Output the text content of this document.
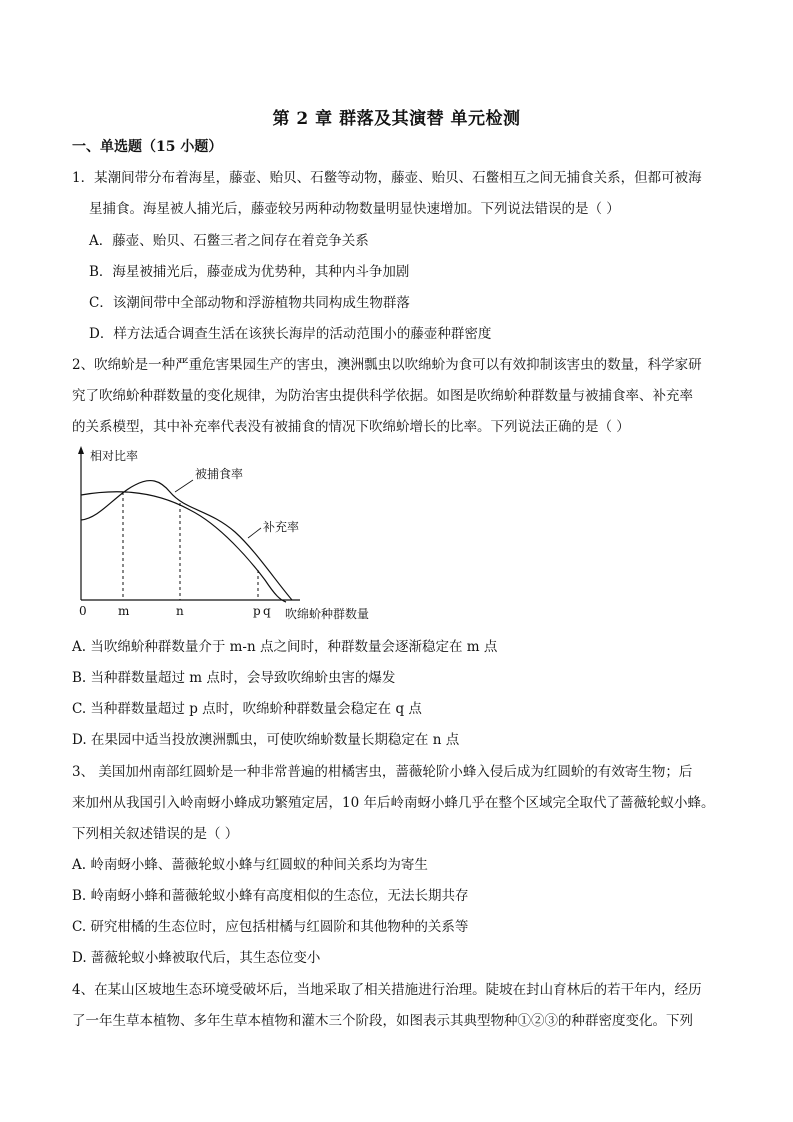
第 2 章 群落及其演替 单元检测
一、单选题（15 小题）
1．某潮间带分布着海星，藤壶、贻贝、石鳖等动物，藤壶、贻贝、石鳖相互之间无捕食关系，但都可被海
星捕食。海星被人捕光后，藤壶较另两种动物数量明显快速增加。下列说法错误的是（ ）
A．藤壶、贻贝、石鳖三者之间存在着竞争关系
B．海星被捕光后，藤壶成为优势种，其种内斗争加剧
C．该潮间带中全部动物和浮游植物共同构成生物群落
D．样方法适合调查生活在该狭长海岸的活动范围小的藤壶种群密度
2、吹绵蚧是一种严重危害果园生产的害虫，澳洲瓢虫以吹绵蚧为食可以有效抑制该害虫的数量，科学家研
究了吹绵蚧种群数量的变化规律，为防治害虫提供科学依据。如图是吹绵蚧种群数量与被捕食率、补充率
的关系模型，其中补充率代表没有被捕食的情况下吹绵蚧增长的比率。下列说法正确的是（ ）
相对比率
被捕食率
补充率
0	m	n	p q 吹绵蚧种群数量
A. 当吹绵蚧种群数量介于 m-n 点之间时，种群数量会逐渐稳定在 m 点
B. 当种群数量超过 m 点时，会导致吹绵蚧虫害的爆发
C. 当种群数量超过 p 点时，吹绵蚧种群数量会稳定在 q 点
D. 在果园中适当投放澳洲瓢虫，可使吹绵蚧数量长期稳定在 n 点
3、 美国加州南部红圆蚧是一种非常普遍的柑橘害虫，蔷薇轮阶小蜂入侵后成为红圆蚧的有效寄生物；后
来加州从我国引入岭南蚜小蜂成功繁殖定居，10 年后岭南蚜小蜂几乎在整个区域完全取代了蔷薇轮蚁小蜂。
下列相关叙述错误的是（ ）
A. 岭南蚜小蜂、蔷薇轮蚁小蜂与红圆蚁的种间关系均为寄生
B. 岭南蚜小蜂和蔷薇轮蚁小蜂有高度相似的生态位，无法长期共存
C. 研究柑橘的生态位时，应包括柑橘与红圆阶和其他物种的关系等
D. 蔷薇轮蚁小蜂被取代后，其生态位变小
4、在某山区坡地生态环境受破坏后，当地采取了相关措施进行治理。陡坡在封山育林后的若干年内，经历
了一年生草本植物、多年生草本植物和灌木三个阶段，如图表示其典型物种①②③的种群密度变化。下列
